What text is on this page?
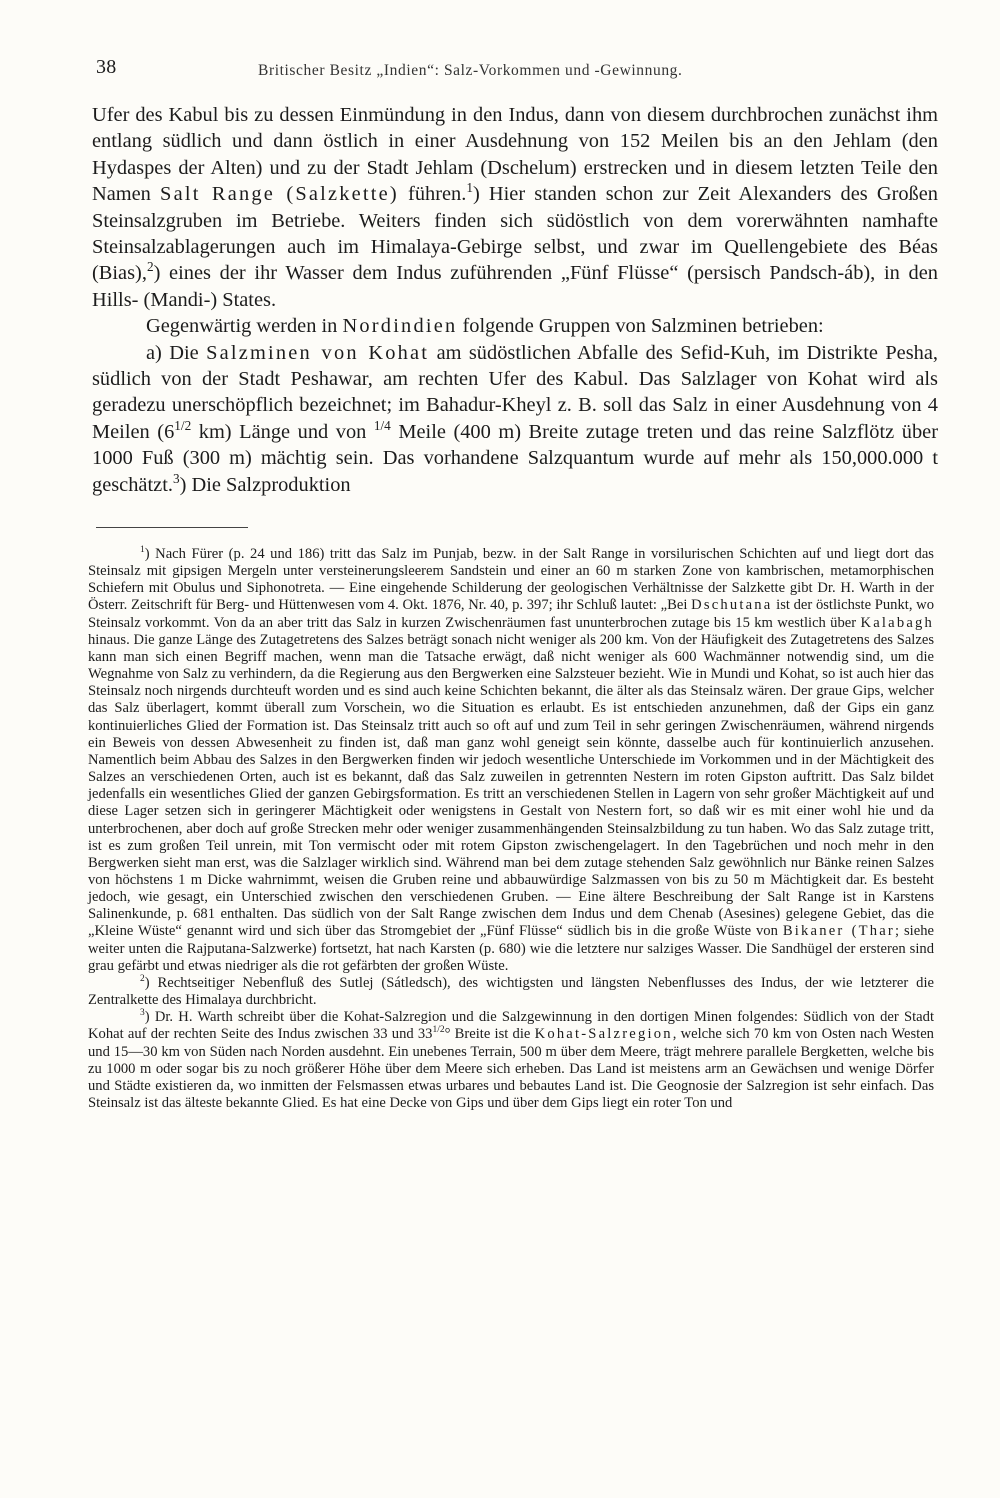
38	Britischer Besitz „Indien“: Salz-Vorkommen und -Gewinnung.

Ufer des Kabul bis zu dessen Einmündung in den Indus, dann von diesem durchbrochen zunächst ihm entlang südlich und dann östlich in einer Ausdehnung von 152 Meilen bis an den Jehlam (den Hydaspes der Alten) und zu der Stadt Jehlam (Dschelum) erstrecken und in diesem letzten Teile den Namen Salt Range (Salzkette) führen.$^1$) Hier standen schon zur Zeit Alexanders des Großen Steinsalzgruben im Betriebe. Weiters finden sich südöstlich von dem vorerwähnten namhafte Steinsalzablagerungen auch im Himalaya-Gebirge selbst, und zwar im Quellengebiete des Béas (Bias),$^2$) eines der ihr Wasser dem Indus zuführenden „Fünf Flüsse“ (persisch Pandsch-áb), in den Hills- (Mandi-) States.

Gegenwärtig werden in Nordindien folgende Gruppen von Salzminen betrieben:

a) Die Salzminen von Kohat am südöstlichen Abfalle des Sefid-Kuh, im Distrikte Pesha, südlich von der Stadt Peshawar, am rechten Ufer des Kabul. Das Salzlager von Kohat wird als geradezu unerschöpflich bezeichnet; im Bahadur-Kheyl z. B. soll das Salz in einer Ausdehnung von 4 Meilen ($6^{1/2}$ km) Länge und von $^{1/4}$ Meile (400 m) Breite zutage treten und das reine Salzflötz über 1000 Fuß (300 m) mächtig sein. Das vorhandene Salzquantum wurde auf mehr als 150,000.000 t geschätzt.$^3$) Die Salzproduktion

$^1$) Nach Fürer (p. 24 und 186) tritt das Salz im Punjab, bezw. in der Salt Range in vorsilurischen Schichten auf und liegt dort das Steinsalz mit gipsigen Mergeln unter versteinerungsleerem Sandstein und einer an 60 m starken Zone von kambrischen, metamorphischen Schiefern mit Obulus und Siphonotreta. — Eine eingehende Schilderung der geologischen Verhältnisse der Salzkette gibt Dr. H. Warth in der Österr. Zeitschrift für Berg- und Hüttenwesen vom 4. Okt. 1876, Nr. 40, p. 397; ihr Schluß lautet: „Bei Dschutana ist der östlichste Punkt, wo Steinsalz vorkommt. Von da an aber tritt das Salz in kurzen Zwischenräumen fast ununterbrochen zutage bis 15 km westlich über Kalabagh hinaus. Die ganze Länge des Zutagetretens des Salzes beträgt sonach nicht weniger als 200 km. Von der Häufigkeit des Zutagetretens des Salzes kann man sich einen Begriff machen, wenn man die Tatsache erwägt, daß nicht weniger als 600 Wachmänner notwendig sind, um die Wegnahme von Salz zu verhindern, da die Regierung aus den Bergwerken eine Salzsteuer bezieht. Wie in Mundi und Kohat, so ist auch hier das Steinsalz noch nirgends durchteuft worden und es sind auch keine Schichten bekannt, die älter als das Steinsalz wären. Der graue Gips, welcher das Salz überlagert, kommt überall zum Vorschein, wo die Situation es erlaubt. Es ist entschieden anzunehmen, daß der Gips ein ganz kontinuierliches Glied der Formation ist. Das Steinsalz tritt auch so oft auf und zum Teil in sehr geringen Zwischenräumen, während nirgends ein Beweis von dessen Abwesenheit zu finden ist, daß man ganz wohl geneigt sein könnte, dasselbe auch für kontinuierlich anzusehen. Namentlich beim Abbau des Salzes in den Bergwerken finden wir jedoch wesentliche Unterschiede im Vorkommen und in der Mächtigkeit des Salzes an verschiedenen Orten, auch ist es bekannt, daß das Salz zuweilen in getrennten Nestern im roten Gipston auftritt. Das Salz bildet jedenfalls ein wesentliches Glied der ganzen Gebirgsformation. Es tritt an verschiedenen Stellen in Lagern von sehr großer Mächtigkeit auf und diese Lager setzen sich in geringerer Mächtigkeit oder wenigstens in Gestalt von Nestern fort, so daß wir es mit einer wohl hie und da unterbrochenen, aber doch auf große Strecken mehr oder weniger zusammenhängenden Steinsalzbildung zu tun haben. Wo das Salz zutage tritt, ist es zum großen Teil unrein, mit Ton vermischt oder mit rotem Gipston zwischengelagert. In den Tagebrüchen und noch mehr in den Bergwerken sieht man erst, was die Salzlager wirklich sind. Während man bei dem zutage stehenden Salz gewöhnlich nur Bänke reinen Salzes von höchstens 1 m Dicke wahrnimmt, weisen die Gruben reine und abbauwürdige Salzmassen von bis zu 50 m Mächtigkeit dar. Es besteht jedoch, wie gesagt, ein Unterschied zwischen den verschiedenen Gruben. — Eine ältere Beschreibung der Salt Range ist in Karstens Salinenkunde, p. 681 enthalten. Das südlich von der Salt Range zwischen dem Indus und dem Chenab (Asesines) gelegene Gebiet, das die „Kleine Wüste“ genannt wird und sich über das Stromgebiet der „Fünf Flüsse“ südlich bis in die große Wüste von Bikaner (Thar; siehe weiter unten die Rajputana-Salzwerke) fortsetzt, hat nach Karsten (p. 680) wie die letztere nur salziges Wasser. Die Sandhügel der ersteren sind grau gefärbt und etwas niedriger als die rot gefärbten der großen Wüste.

$^2$) Rechtseitiger Nebenfluß des Sutlej (Sátledsch), des wichtigsten und längsten Nebenflusses des Indus, der wie letzterer die Zentralkette des Himalaya durchbricht.

$^3$) Dr. H. Warth schreibt über die Kohat-Salzregion und die Salzgewinnung in den dortigen Minen folgendes: Südlich von der Stadt Kohat auf der rechten Seite des Indus zwischen 33 und $33^{1/2}^\circ$ Breite ist die Kohat-Salzregion, welche sich 70 km von Osten nach Westen und 15—30 km von Süden nach Norden ausdehnt. Ein unebenes Terrain, 500 m über dem Meere, trägt mehrere parallele Bergketten, welche bis zu 1000 m oder sogar bis zu noch größerer Höhe über dem Meere sich erheben. Das Land ist meistens arm an Gewächsen und wenige Dörfer und Städte existieren da, wo inmitten der Felsmassen etwas urbares und bebautes Land ist. Die Geognosie der Salzregion ist sehr einfach. Das Steinsalz ist das älteste bekannte Glied. Es hat eine Decke von Gips und über dem Gips liegt ein roter Ton und
